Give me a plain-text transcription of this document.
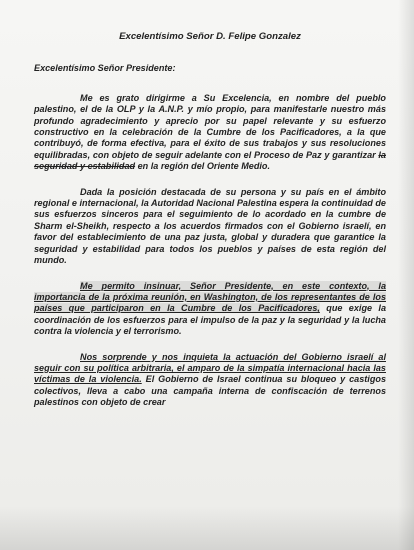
Excelentísimo Señor D. Felipe Gonzalez
Excelentísimo Señor Presidente:

Me es grato dirigirme a Su Excelencia, en nombre del pueblo palestino, el de la OLP y la A.N.P. y mío propio, para manifestarle nuestro más profundo agradecimiento y aprecio por su papel relevante y su esfuerzo constructivo en la celebración de la Cumbre de los Pacificadores, a la que contribuyó, de forma efectiva, para el éxito de sus trabajos y sus resoluciones equilibradas, con objeto de seguir adelante con el Proceso de Paz y garantizar la seguridad y estabilidad en la región del Oriente Medio.

Dada la posición destacada de su persona y su país en el ámbito regional e internacional, la Autoridad Nacional Palestina espera la continuidad de sus esfuerzos sinceros para el seguimiento de lo acordado en la cumbre de Sharm el-Sheikh, respecto a los acuerdos firmados con el Gobierno israelí, en favor del establecimiento de una paz justa, global y duradera que garantice la seguridad y estabilidad para todos los pueblos y países de esta región del mundo.

Me permito insinuar, Señor Presidente, en este contexto, la importancia de la próxima reunión, en Washington, de los representantes de los países que participaron en la Cumbre de los Pacificadores, que exige la coordinación de los esfuerzos para el impulso de la paz y la seguridad y la lucha contra la violencia y el terrorismo.

Nos sorprende y nos inquieta la actuación del Gobierno israelí al seguir con su política arbitraria, el amparo de la simpatía internacional hacia las víctimas de la violencia. El Gobierno de Israel continua su bloqueo y castigos colectivos, lleva a cabo una campaña interna de confiscación de terrenos palestinos con objeto de crear
